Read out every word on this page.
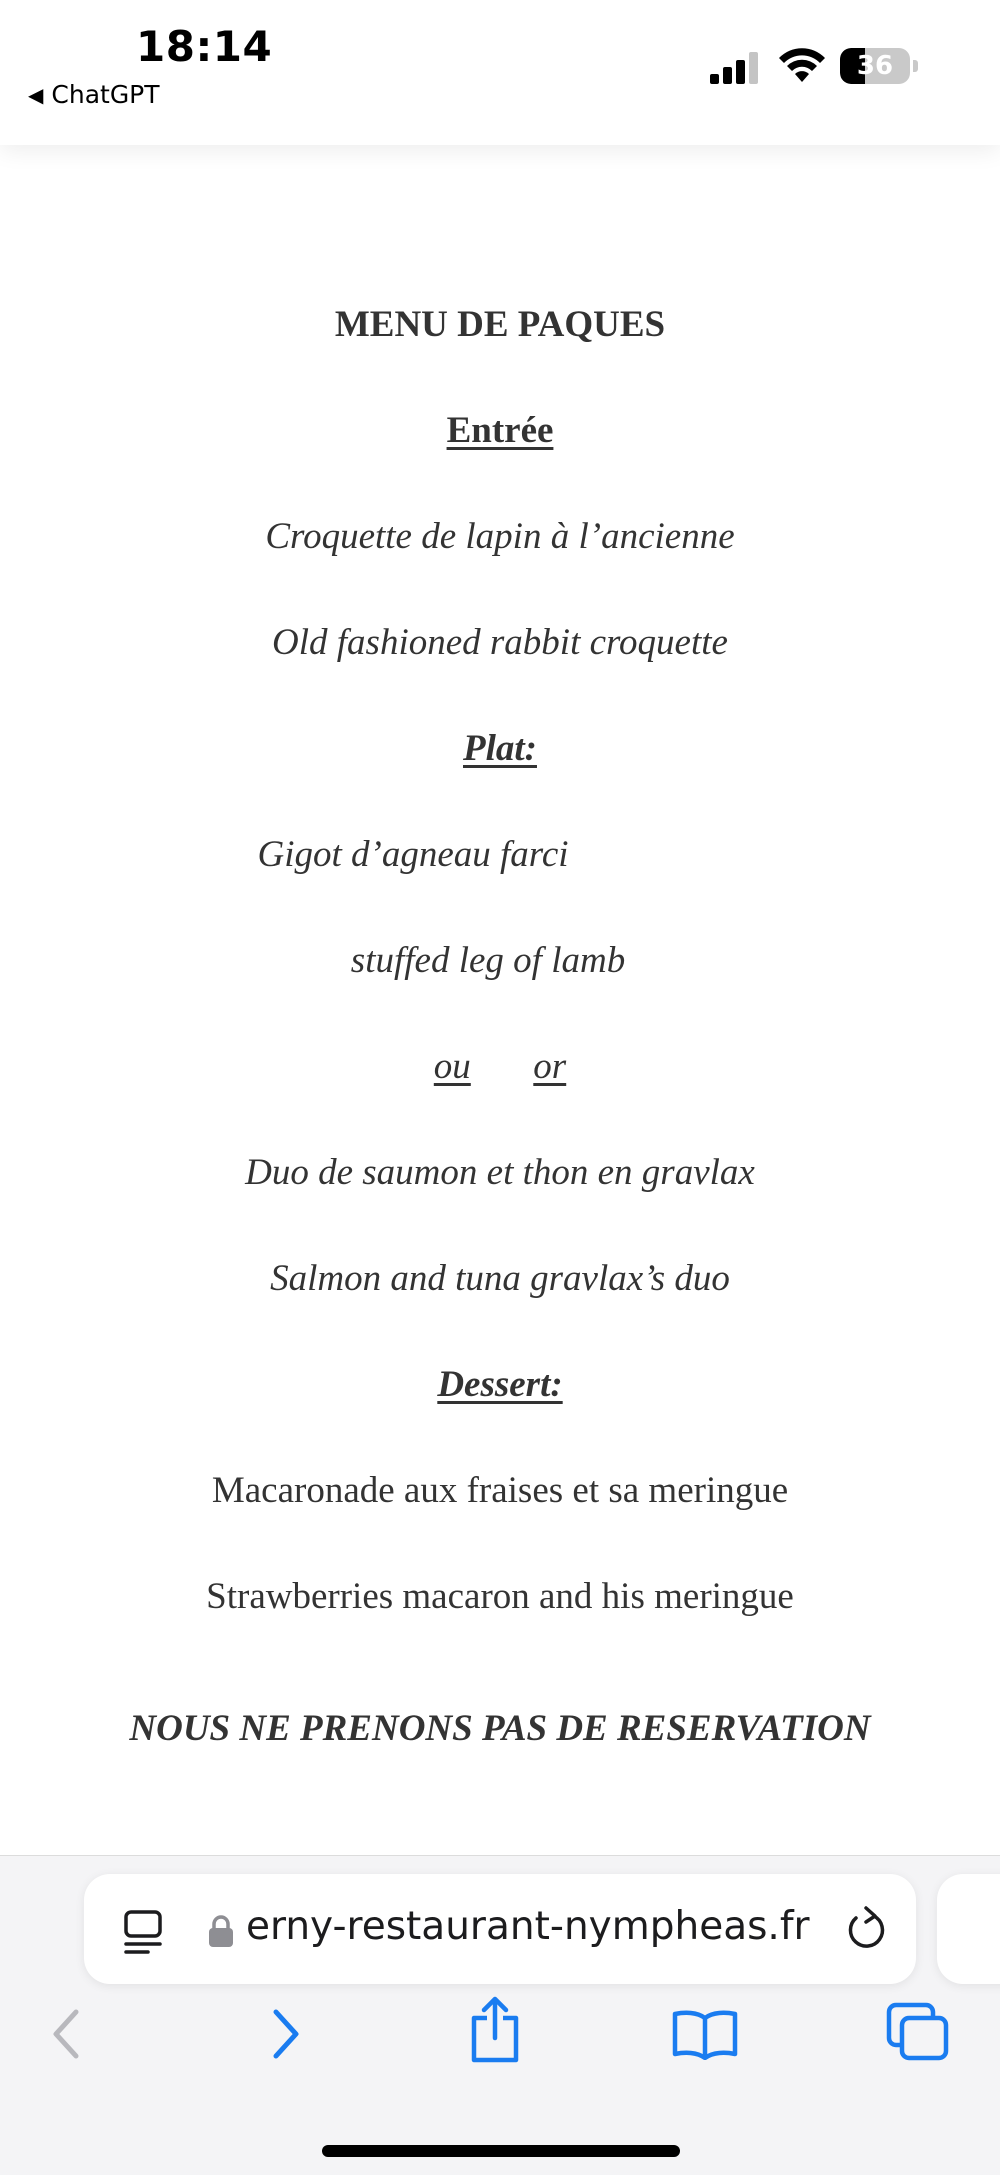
18:14
◀ ChatGPT
36
MENU DE PAQUES
Entrée
Croquette de lapin à l’ancienne
Old fashioned rabbit croquette
Plat:
Gigot d’agneau farci
stuffed leg of lamb
ou or
Duo de saumon et thon en gravlax
Salmon and tuna gravlax’s duo
Dessert:
Macaronade aux fraises et sa meringue
Strawberries macaron and his meringue
NOUS NE PRENONS PAS DE RESERVATION
erny-restaurant-nympheas.fr
